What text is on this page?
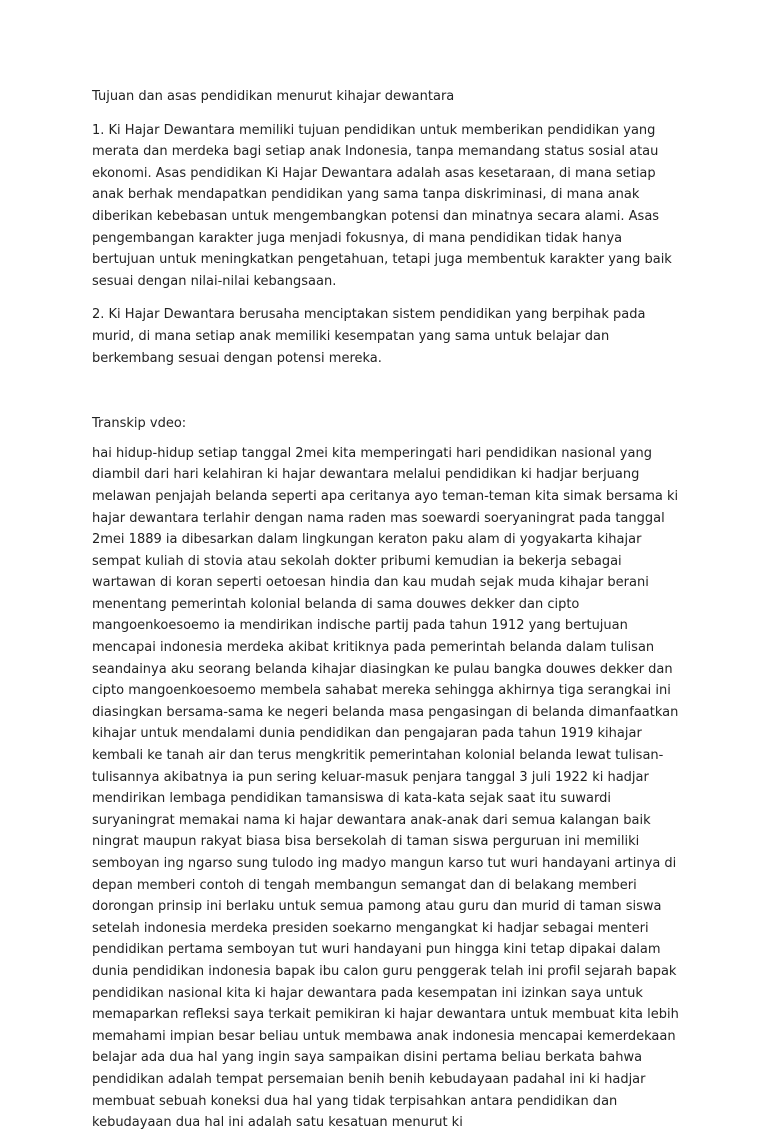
Tujuan dan asas pendidikan menurut kihajar dewantara

1. Ki Hajar Dewantara memiliki tujuan pendidikan untuk memberikan pendidikan yang merata dan merdeka bagi setiap anak Indonesia, tanpa memandang status sosial atau ekonomi. Asas pendidikan Ki Hajar Dewantara adalah asas kesetaraan, di mana setiap anak berhak mendapatkan pendidikan yang sama tanpa diskriminasi, di mana anak diberikan kebebasan untuk mengembangkan potensi dan minatnya secara alami. Asas pengembangan karakter juga menjadi fokusnya, di mana pendidikan tidak hanya bertujuan untuk meningkatkan pengetahuan, tetapi juga membentuk karakter yang baik sesuai dengan nilai-nilai kebangsaan.

2. Ki Hajar Dewantara berusaha menciptakan sistem pendidikan yang berpihak pada murid, di mana setiap anak memiliki kesempatan yang sama untuk belajar dan berkembang sesuai dengan potensi mereka.

Transkip vdeo:

hai hidup-hidup setiap tanggal 2mei kita memperingati hari pendidikan nasional yang diambil dari hari kelahiran ki hajar dewantara melalui pendidikan ki hadjar berjuang melawan penjajah belanda seperti apa ceritanya ayo teman-teman kita simak bersama ki hajar dewantara terlahir dengan nama raden mas soewardi soeryaningrat pada tanggal 2mei 1889 ia dibesarkan dalam lingkungan keraton paku alam di yogyakarta kihajar sempat kuliah di stovia atau sekolah dokter pribumi kemudian ia bekerja sebagai wartawan di koran seperti oetoesan hindia dan kau mudah sejak muda kihajar berani menentang pemerintah kolonial belanda di sama douwes dekker dan cipto mangoenkoesoemo ia mendirikan indische partij pada tahun 1912 yang bertujuan mencapai indonesia merdeka akibat kritiknya pada pemerintah belanda dalam tulisan seandainya aku seorang belanda kihajar diasingkan ke pulau bangka douwes dekker dan cipto mangoenkoesoemo membela sahabat mereka sehingga akhirnya tiga serangkai ini diasingkan bersama-sama ke negeri belanda masa pengasingan di belanda dimanfaatkan kihajar untuk mendalami dunia pendidikan dan pengajaran pada tahun 1919 kihajar kembali ke tanah air dan terus mengkritik pemerintahan kolonial belanda lewat tulisan-tulisannya akibatnya ia pun sering keluar-masuk penjara tanggal 3 juli 1922 ki hadjar mendirikan lembaga pendidikan tamansiswa di kata-kata sejak saat itu suwardi suryaningrat memakai nama ki hajar dewantara anak-anak dari semua kalangan baik ningrat maupun rakyat biasa bisa bersekolah di taman siswa perguruan ini memiliki semboyan ing ngarso sung tulodo ing madyo mangun karso tut wuri handayani artinya di depan memberi contoh di tengah membangun semangat dan di belakang memberi dorongan prinsip ini berlaku untuk semua pamong atau guru dan murid di taman siswa setelah indonesia merdeka presiden soekarno mengangkat ki hadjar sebagai menteri pendidikan pertama semboyan tut wuri handayani pun hingga kini tetap dipakai dalam dunia pendidikan indonesia bapak ibu calon guru penggerak telah ini profil sejarah bapak pendidikan nasional kita ki hajar dewantara pada kesempatan ini izinkan saya untuk memaparkan refleksi saya terkait pemikiran ki hajar dewantara untuk membuat kita lebih memahami impian besar beliau untuk membawa anak indonesia mencapai kemerdekaan belajar ada dua hal yang ingin saya sampaikan disini pertama beliau berkata bahwa pendidikan adalah tempat persemaian benih benih kebudayaan padahal ini ki hadjar membuat sebuah koneksi dua hal yang tidak terpisahkan antara pendidikan dan kebudayaan dua hal ini adalah satu kesatuan menurut ki
